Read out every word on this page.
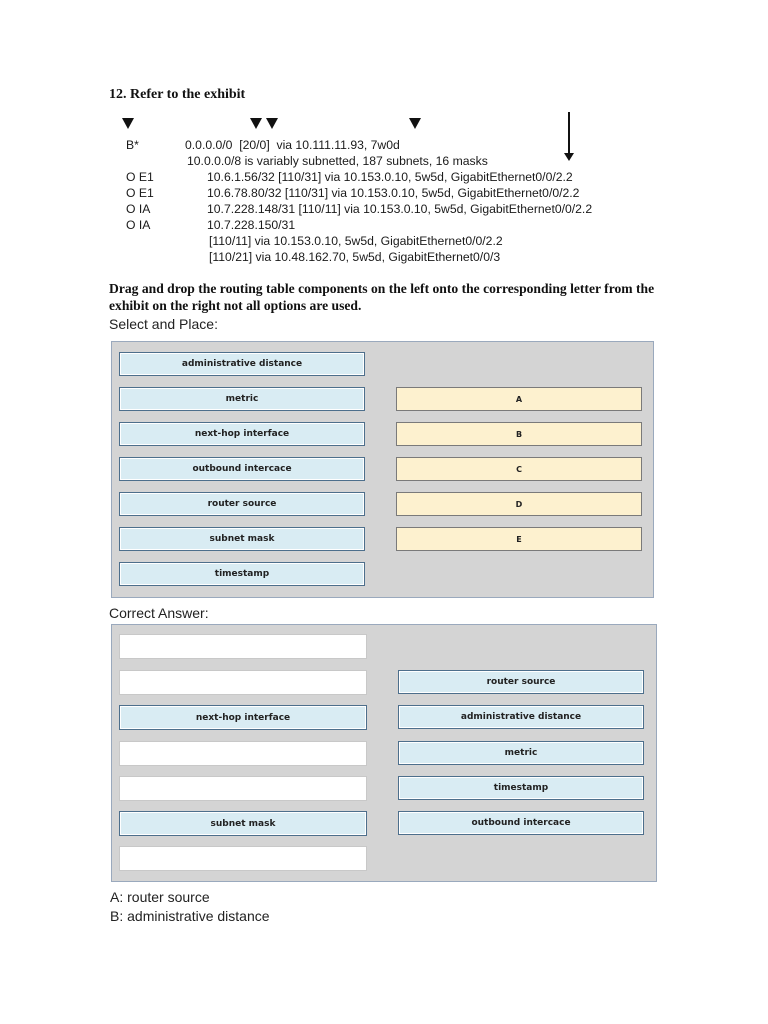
12. Refer to the exhibit
B*	0.0.0.0/0  [20/0]  via 10.111.11.93, 7w0d
10.0.0.0/8 is variably subnetted, 187 subnets, 16 masks
O E1	10.6.1.56/32 [110/31] via 10.153.0.10, 5w5d, GigabitEthernet0/0/2.2
O E1	10.6.78.80/32 [110/31] via 10.153.0.10, 5w5d, GigabitEthernet0/0/2.2
O IA	10.7.228.148/31 [110/11] via 10.153.0.10, 5w5d, GigabitEthernet0/0/2.2
O IA	10.7.228.150/31
[110/11] via 10.153.0.10, 5w5d, GigabitEthernet0/0/2.2
[110/21] via 10.48.162.70, 5w5d, GigabitEthernet0/0/3
Drag and drop the routing table components on the left onto the corresponding letter from the exhibit on the right not all options are used.
Select and Place:
administrative distance
metric
next-hop interface
outbound intercace
router source
subnet mask
timestamp
A
B
C
D
E
Correct Answer:
next-hop interface
subnet mask
router source
administrative distance
metric
timestamp
outbound intercace
A: router source
B: administrative distance
